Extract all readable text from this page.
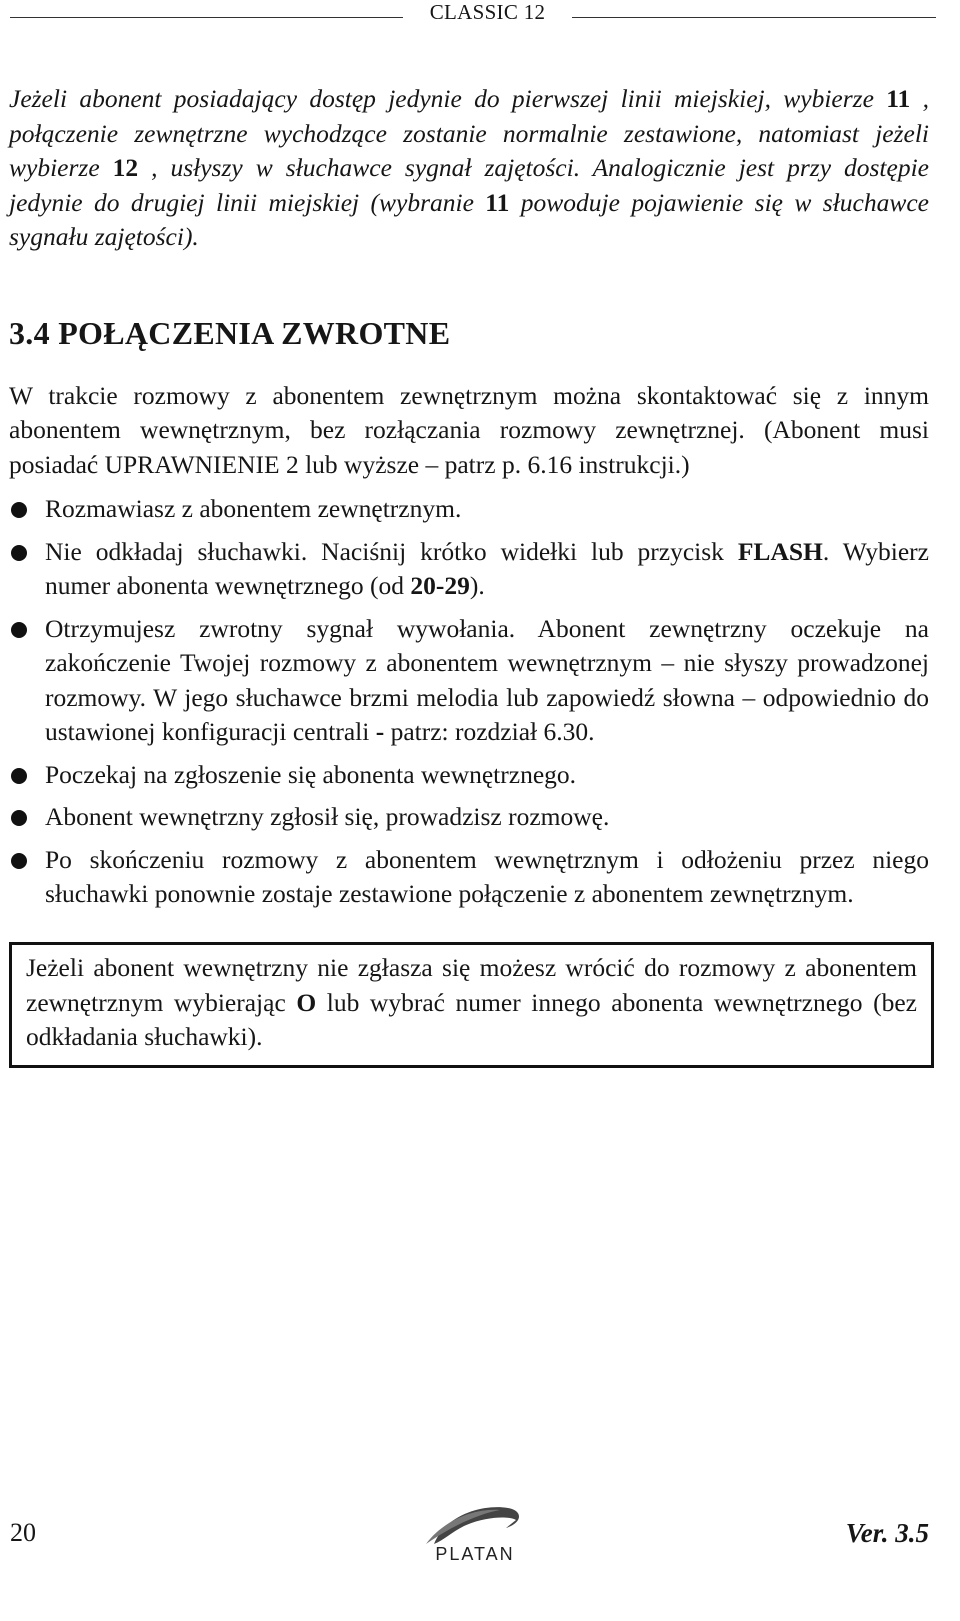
CLASSIC 12

Jeżeli abonent posiadający dostęp jedynie do pierwszej linii miejskiej, wybierze 11 , połączenie zewnętrzne wychodzące zostanie normalnie zestawione, natomiast jeżeli wybierze 12 , usłyszy w słuchawce sygnał zajętości. Analogicznie jest przy dostępie jedynie do drugiej linii miejskiej (wybranie 11 powoduje pojawienie się w słuchawce sygnału zajętości).

3.4 POŁĄCZENIA ZWROTNE

W trakcie rozmowy z abonentem zewnętrznym można skontaktować się z innym abonentem wewnętrznym, bez rozłączania rozmowy zewnętrznej. (Abonent musi posiadać UPRAWNIENIE 2 lub wyższe – patrz p. 6.16 instrukcji.)

Rozmawiasz z abonentem zewnętrznym.
Nie odkładaj słuchawki. Naciśnij krótko widełki lub przycisk FLASH. Wybierz numer abonenta wewnętrznego (od 20-29).
Otrzymujesz zwrotny sygnał wywołania. Abonent zewnętrzny oczekuje na zakończenie Twojej rozmowy z abonentem wewnętrznym – nie słyszy prowadzonej rozmowy. W jego słuchawce brzmi melodia lub zapowiedź słowna – odpowiednio do ustawionej konfiguracji centrali - patrz: rozdział 6.30.
Poczekaj na zgłoszenie się abonenta wewnętrznego.
Abonent wewnętrzny zgłosił się, prowadzisz rozmowę.
Po skończeniu rozmowy z abonentem wewnętrznym i odłożeniu przez niego słuchawki ponownie zostaje zestawione połączenie z abonentem zewnętrznym.
Jeżeli abonent wewnętrzny nie zgłasza się możesz wrócić do rozmowy z abonentem zewnętrznym wybierając O lub wybrać numer innego abonenta wewnętrznego (bez odkładania słuchawki).
20
PLATAN
Ver. 3.5
